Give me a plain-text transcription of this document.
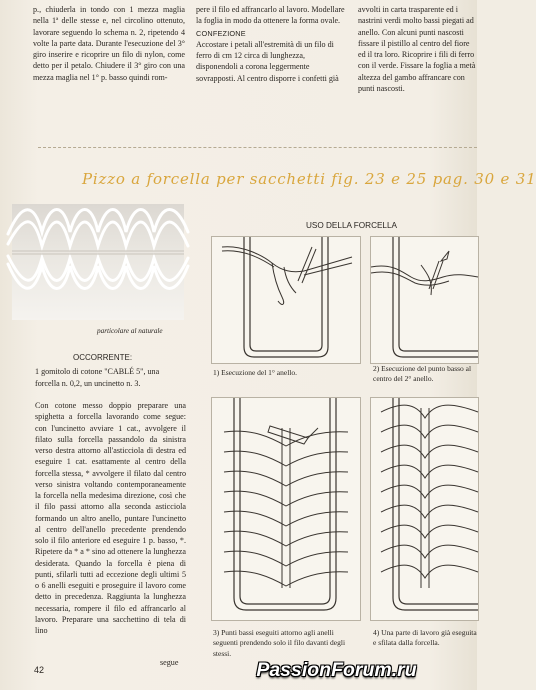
p., chiuderla in tondo con 1 mezza maglia nella 1ª delle stesse e, nel circolino ottenuto, lavorare seguendo lo schema n. 2, ripetendo 4 volte la parte data. Durante l'esecuzione del 3° giro inserire e ricoprire un filo di nylon, come detto per il petalo. Chiudere il 3° giro con una mezza maglia nel 1° p. basso quindi rom-

pere il filo ed affrancarlo al lavoro. Modellare la foglia in modo da ottenere la forma ovale.

CONFEZIONE

Accostare i petali all'estremità di un filo di ferro di cm 12 circa di lunghezza, disponendoli a corona leggermente sovrapposti. Al centro disporre i confetti già

avvolti in carta trasparente ed i nastrini verdi molto bassi piegati ad anello. Con alcuni punti nascosti fissare il pistillo al centro del fiore ed il tra loro. Ricoprire i fili di ferro con il verde. Fissare la foglia a metà altezza del gambo affrancare con punti nascosti.

Pizzo a forcella per sacchetti fig. 23 e 25 pag. 30 e 31
particolare al naturale
OCCORRENTE:
1 gomitolo di cotone "CABLÉ 5", una forcella n. 0,2, un uncinetto n. 3.
Con cotone messo doppio preparare una spighetta a forcella lavorando come segue: con l'uncinetto avviare 1 cat., avvolgere il filato sulla forcella passandolo da sinistra verso destra attorno all'asticciola di destra ed eseguire 1 cat. esattamente al centro della forcella stessa, * avvolgere il filato dal centro verso sinistra voltando contemporaneamente la forcella nella medesima direzione, così che il filo passi attorno alla seconda asticciola formando un altro anello, puntare l'uncinetto al centro dell'anello precedente prendendo solo il filo anteriore ed eseguire 1 p. basso, *. Ripetere da * a * sino ad ottenere la lunghezza desiderata. Quando la forcella è piena di punti, sfilarli tutti ad eccezione degli ultimi 5 o 6 anelli eseguiti e proseguire il lavoro come detto in precedenza. Raggiunta la lunghezza necessaria, rompere il filo ed affrancarlo al lavoro. Preparare una sacchettino di tela di lino
segue
42
USO DELLA FORCELLA
1) Esecuzione del 1° anello.	2) Esecuzione del punto basso al centro del 2° anello.
3) Punti bassi eseguiti attorno agli anelli seguenti prendendo solo il filo davanti degli stessi.
4) Una parte di lavoro già eseguita e sfilata dalla forcella.
PassionForum.ru
